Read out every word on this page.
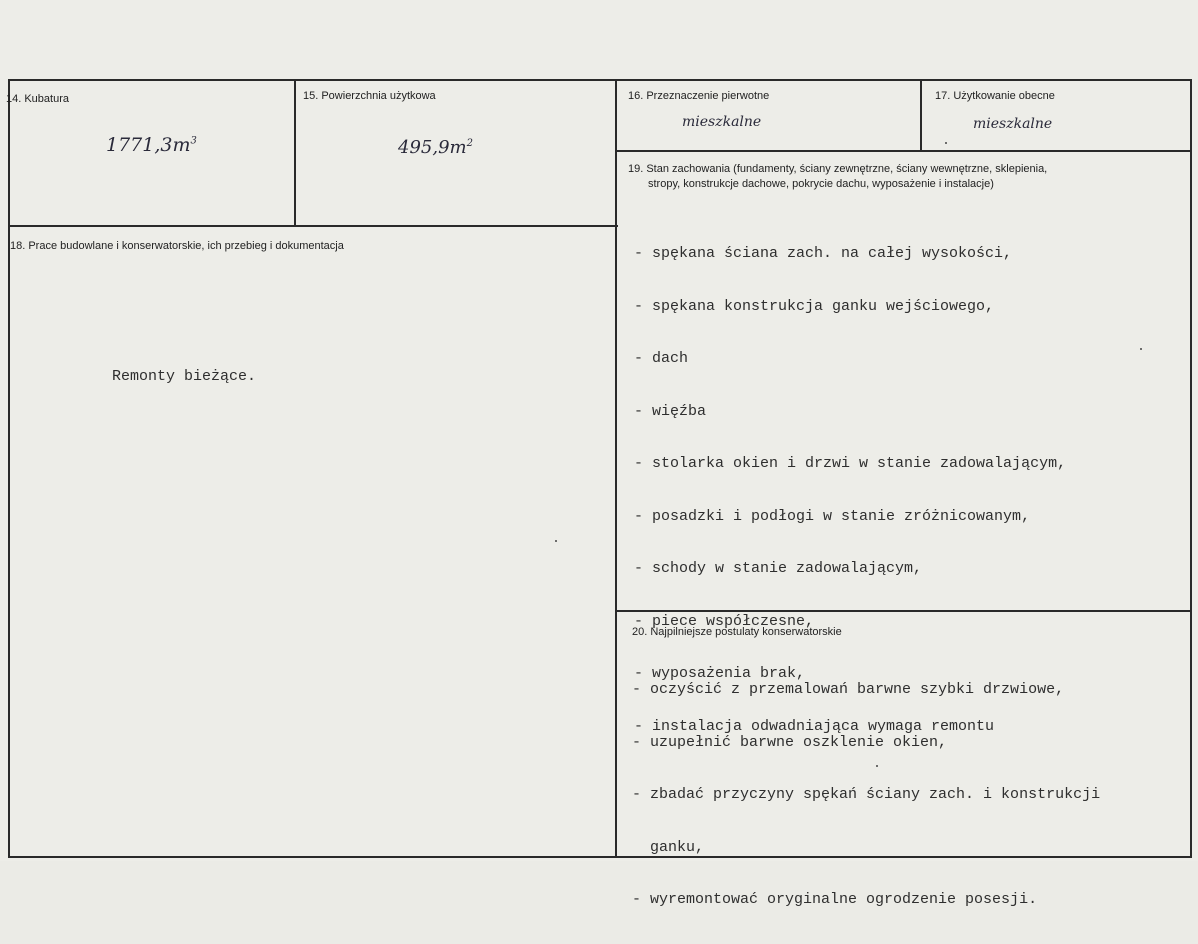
14. Kubatura
$1771,3m^3$
15. Powierzchnia użytkowa
$495,9m^2$
16. Przeznaczenie pierwotne
mieszkalne
17. Użytkowanie obecne
mieszkalne
18. Prace budowlane i konserwatorskie, ich przebieg i dokumentacja
Remonty bieżące.
19. Stan zachowania (fundamenty, ściany zewnętrzne, ściany wewnętrzne, sklepienia,
stropy, konstrukcje dachowe, pokrycie dachu, wyposażenie i instalacje)

- spękana ściana zach. na całej wysokości,

- spękana konstrukcja ganku wejściowego,

- dach

- więźba

- stolarka okien i drzwi w stanie zadowalającym,

- posadzki i podłogi w stanie zróżnicowanym,

- schody w stanie zadowalającym,

- piece współczesne,

- wyposażenia brak,

- instalacja odwadniająca wymaga remontu

20. Najpilniejsze postulaty konserwatorskie

- oczyścić z przemalowań barwne szybki drzwiowe,

- uzupełnić barwne oszklenie okien,

- zbadać przyczyny spękań ściany zach. i konstrukcji

ganku,

- wyremontować oryginalne ogrodzenie posesji.
